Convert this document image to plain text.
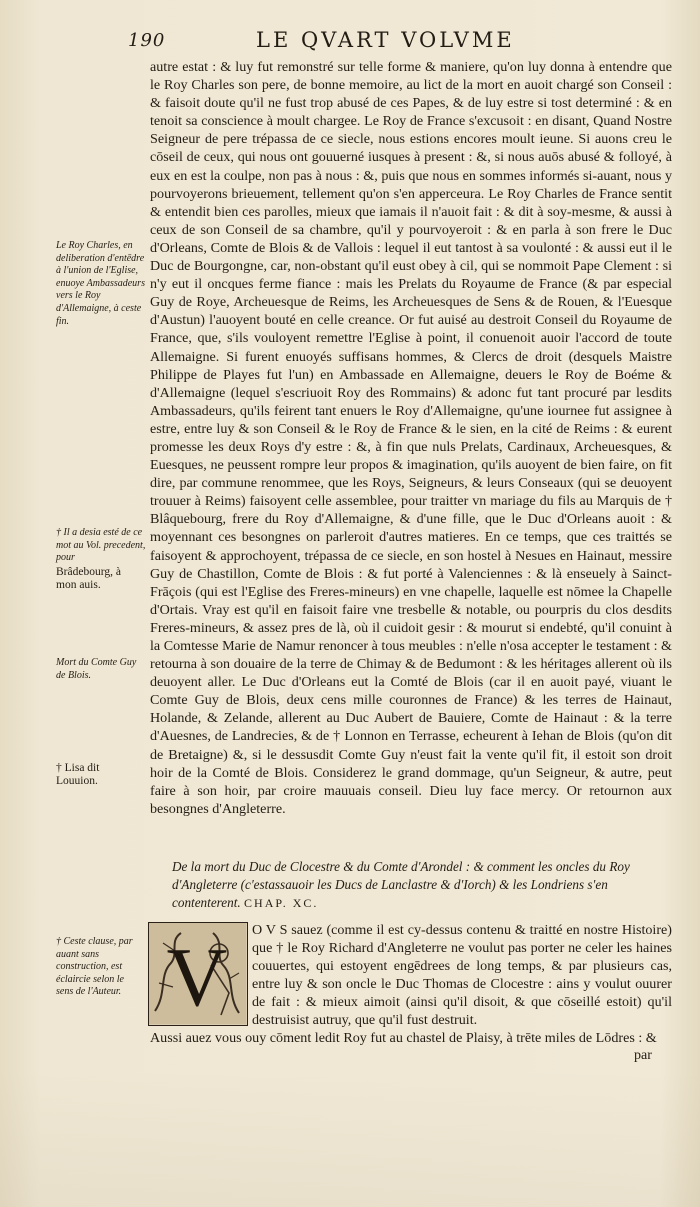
190	LE QVART VOLVME

autre estat : & luy fut remonstré sur telle forme & maniere, qu'on luy donna à entendre que le Roy Charles son pere, de bonne memoire, au lict de la mort en auoit chargé son Conseil : & faisoit doute qu'il ne fust trop abusé de ces Papes, & de luy estre si tost determiné : & en tenoit sa conscience à moult chargee. Le Roy de France s'excusoit : en disant, Quand Nostre Seigneur de pere trépassa de ce siecle, nous estions encores moult ieune. Si auons creu le cōseil de ceux, qui nous ont gouuerné iusques à present : &, si nous auōs abusé & folloyé, à eux en est la coulpe, non pas à nous : &, puis que nous en sommes informés si-auant, nous y pourvoyerons brieuement, tellement qu'on s'en apperceura. Le Roy Charles de France sentit & entendit bien ces parolles, mieux que iamais il n'auoit fait : & dit à soy-mesme, & aussi à ceux de son Conseil de sa chambre, qu'il y pourvoyeroit : & en parla à son frere le Duc d'Orleans, Comte de Blois & de Vallois : lequel il eut tantost à sa voulonté : & aussi eut il le Duc de Bourgongne, car, non-obstant qu'il eust obey à cil, qui se nommoit Pape Clement : si n'y eut il oncques ferme fiance : mais les Prelats du Royaume de France (& par especial Guy de Roye, Archeuesque de Reims, les Archeuesques de Sens & de Rouen, & l'Euesque d'Austun) l'auoyent bouté en celle creance. Or fut auisé au destroit Conseil du Royaume de France, que, s'ils vouloyent remettre l'Eglise à point, il conuenoit auoir l'accord de toute Allemaigne. Si furent enuoyés suffisans hommes, & Clercs de droit (desquels Maistre Philippe de Playes fut l'un) en Ambassade en Allemaigne, deuers le Roy de Boéme & d'Allemaigne (lequel s'escriuoit Roy des Rommains) & adonc fut tant procuré par lesdits Ambassadeurs, qu'ils feirent tant enuers le Roy d'Allemaigne, qu'une iournee fut assignee à estre, entre luy & son Conseil & le Roy de France & le sien, en la cité de Reims : & eurent promesse les deux Roys d'y estre : &, à fin que nuls Prelats, Cardinaux, Archeuesques, & Euesques, ne peussent rompre leur propos & imagination, qu'ils auoyent de bien faire, on fit dire, par commune renommee, que les Roys, Seigneurs, & leurs Conseaux (qui se deuoyent trouuer à Reims) faisoyent celle assemblee, pour traitter vn mariage du fils au Marquis de † Blâquebourg, frere du Roy d'Allemaigne, & d'une fille, que le Duc d'Orleans auoit : & moyennant ces besongnes on parleroit d'autres matieres. En ce temps, que ces traittés se faisoyent & approchoyent, trépassa de ce siecle, en son hostel à Nesues en Hainaut, messire Guy de Chastillon, Comte de Blois : & fut porté à Valenciennes : & là enseuely à Sainct-Frāçois (qui est l'Eglise des Freres-mineurs) en vne chapelle, laquelle est nōmee la Chapelle d'Ortais. Vray est qu'il en faisoit faire vne tresbelle & notable, ou pourpris du clos desdits Freres-mineurs, & assez pres de là, où il cuidoit gesir : & mourut si endebté, qu'il conuint à la Comtesse Marie de Namur renoncer à tous meubles : n'elle n'osa accepter le testament : & retourna à son douaire de la terre de Chimay & de Bedumont : & les héritages allerent où ils deuoyent aller. Le Duc d'Orleans eut la Comté de Blois (car il en auoit payé, viuant le Comte Guy de Blois, deux cens mille couronnes de France) & les terres de Hainaut, Holande, & Zelande, allerent au Duc Aubert de Bauiere, Comte de Hainaut : & la terre d'Auesnes, de Landrecies, & de † Lonnon en Terrasse, echeurent à Iehan de Blois (qu'on dit de Bretaigne) &, si le dessusdit Comte Guy n'eust fait la vente qu'il fit, il estoit son droit hoir de la Comté de Blois. Considerez le grand dommage, qu'un Seigneur, & autre, peut faire à son hoir, par croire mauuais conseil. Dieu luy face mercy. Or retournon aux besongnes d'Angleterre.

Le Roy Charles, en deliberation d'entēdre à l'union de l'Eglise, enuoye Ambassadeurs vers le Roy d'Allemaigne, à ceste fin.
† Il a desia esté de ce mot au Vol. precedent, pour
Brâdebourg, à mon auis.
Mort du Comte Guy de Blois.
† Lisa dit Louuion.
De la mort du Duc de Clocestre & du Comte d'Arondel : & comment les oncles du Roy d'Angleterre (c'estassauoir les Ducs de Lanclastre & d'Iorch) & les Londriens s'en contenterent. CHAP. XC.
† Ceste clause, par auant sans construction, est éclaircie selon le sens de l'Auteur. V
O V S sauez (comme il est cy-dessus contenu & traitté en nostre Histoire) que † le Roy Richard d'Angleterre ne voulut pas porter ne celer les haines couuertes, qui estoyent engēdrees de long temps, & par plusieurs cas, entre luy & son oncle le Duc Thomas de Clocestre : ains y voulut ouurer de fait : & mieux aimoit (ainsi qu'il disoit, & que cōseillé estoit) qu'il destruisist autruy, que qu'il fust destruit.
Aussi auez vous ouy cōment ledit Roy fut au chastel de Plaisy, à trēte miles de Lōdres : &
par
